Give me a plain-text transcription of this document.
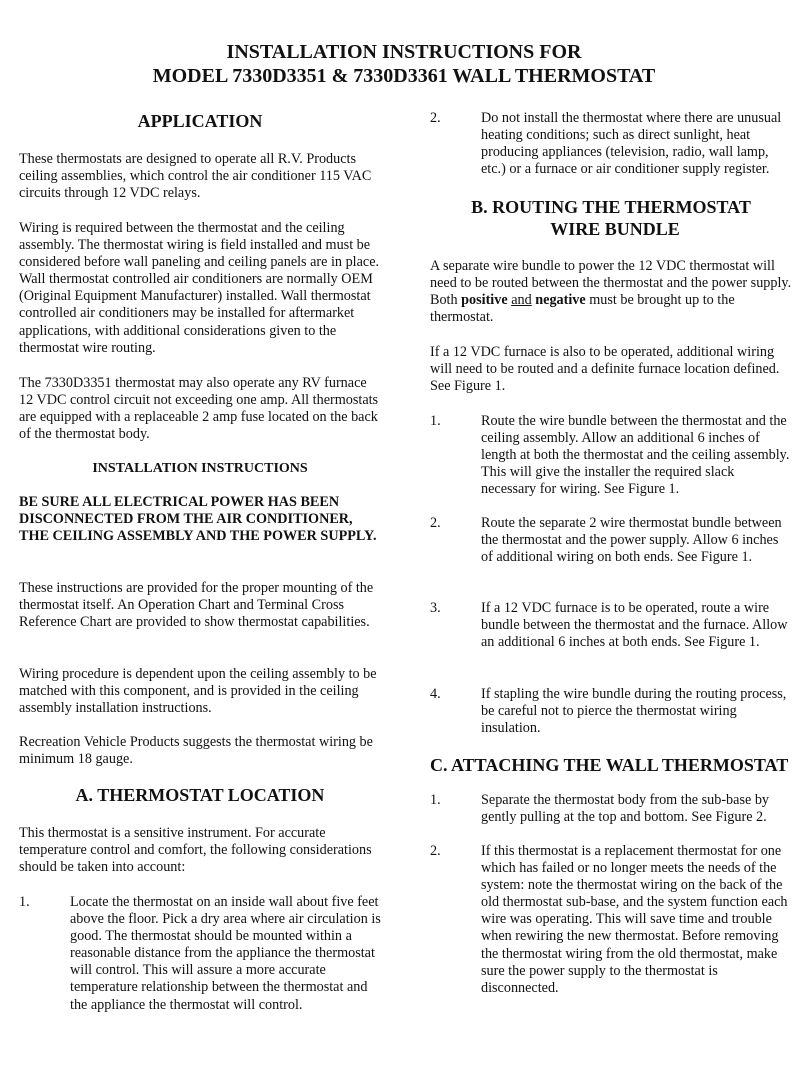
INSTALLATION INSTRUCTIONS FOR
MODEL 7330D3351 & 7330D3361 WALL THERMOSTAT
APPLICATION
These thermostats are designed to operate all R.V. Products ceiling assemblies, which control the air conditioner 115 VAC circuits through 12 VDC relays.
Wiring is required between the thermostat and the ceiling assembly. The thermostat wiring is field installed and must be considered before wall paneling and ceiling panels are in place. Wall thermostat controlled air conditioners are normally OEM (Original Equipment Manufacturer) installed. Wall thermostat controlled air conditioners may be installed for aftermarket applications, with additional considerations given to the thermostat wire routing.
The 7330D3351 thermostat may also operate any RV furnace 12 VDC control circuit not exceeding one amp. All thermostats are equipped with a replaceable 2 amp fuse located on the back of the thermostat body.
INSTALLATION INSTRUCTIONS
BE SURE ALL ELECTRICAL POWER HAS BEEN DISCONNECTED FROM THE AIR CONDITIONER, THE CEILING ASSEMBLY AND THE POWER SUPPLY.
These instructions are provided for the proper mounting of the thermostat itself. An Operation Chart and Terminal Cross Reference Chart are provided to show thermostat capabilities.
Wiring procedure is dependent upon the ceiling assembly to be matched with this component, and is provided in the ceiling assembly installation instructions.
Recreation Vehicle Products suggests the thermostat wiring be minimum 18 gauge.
A. THERMOSTAT LOCATION
This thermostat is a sensitive instrument. For accurate temperature control and comfort, the following considerations should be taken into account:
1.	Locate the thermostat on an inside wall about five feet above the floor. Pick a dry area where air circulation is good. The thermostat should be mounted within a reasonable distance from the appliance the thermostat will control. This will assure a more accurate temperature relationship between the thermostat and the appliance the thermostat will control.
2.	Do not install the thermostat where there are unusual heating conditions; such as direct sunlight, heat producing appliances (television, radio, wall lamp, etc.) or a furnace or air conditioner supply register.
B. ROUTING THE THERMOSTAT
WIRE BUNDLE
A separate wire bundle to power the 12 VDC thermostat will need to be routed between the thermostat and the power supply. Both positive and negative must be brought up to the thermostat.
If a 12 VDC furnace is also to be operated, additional wiring will need to be routed and a definite furnace location defined. See Figure 1.
1.	Route the wire bundle between the thermostat and the ceiling assembly. Allow an additional 6 inches of length at both the thermostat and the ceiling assembly. This will give the installer the required slack necessary for wiring. See Figure 1.
2.	Route the separate 2 wire thermostat bundle between the thermostat and the power supply. Allow 6 inches of additional wiring on both ends. See Figure 1.
3.	If a 12 VDC furnace is to be operated, route a wire bundle between the thermostat and the furnace. Allow an additional 6 inches at both ends. See Figure 1.
4.	If stapling the wire bundle during the routing process, be careful not to pierce the thermostat wiring insulation.
C. ATTACHING THE WALL THERMOSTAT
1.	Separate the thermostat body from the sub-base by gently pulling at the top and bottom. See Figure 2.
2.	If this thermostat is a replacement thermostat for one which has failed or no longer meets the needs of the system: note the thermostat wiring on the back of the old thermostat sub-base, and the system function each wire was operating. This will save time and trouble when rewiring the new thermostat. Before removing the thermostat wiring from the old thermostat, make sure the power supply to the thermostat is disconnected.
